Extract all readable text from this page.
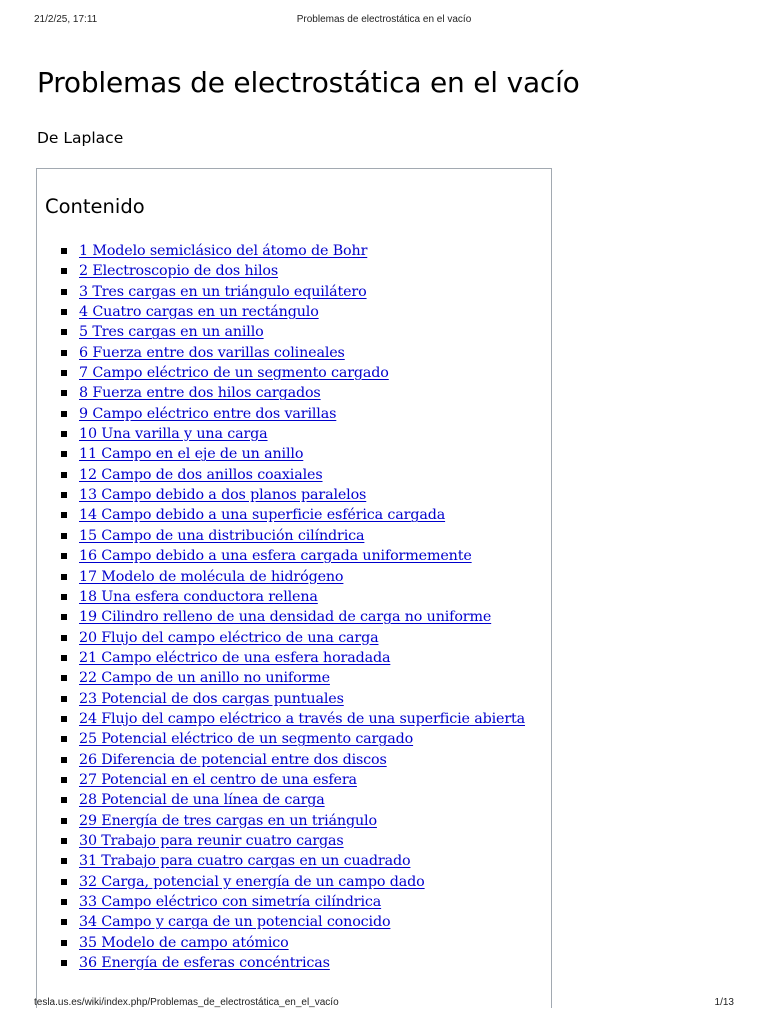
21/2/25, 17:11	Problemas de electrostática en el vacío
Problemas de electrostática en el vacío
De Laplace
Contenido
1 Modelo semiclásico del átomo de Bohr
2 Electroscopio de dos hilos
3 Tres cargas en un triángulo equilátero
4 Cuatro cargas en un rectángulo
5 Tres cargas en un anillo
6 Fuerza entre dos varillas colineales
7 Campo eléctrico de un segmento cargado
8 Fuerza entre dos hilos cargados
9 Campo eléctrico entre dos varillas
10 Una varilla y una carga
11 Campo en el eje de un anillo
12 Campo de dos anillos coaxiales
13 Campo debido a dos planos paralelos
14 Campo debido a una superficie esférica cargada
15 Campo de una distribución cilíndrica
16 Campo debido a una esfera cargada uniformemente
17 Modelo de molécula de hidrógeno
18 Una esfera conductora rellena
19 Cilindro relleno de una densidad de carga no uniforme
20 Flujo del campo eléctrico de una carga
21 Campo eléctrico de una esfera horadada
22 Campo de un anillo no uniforme
23 Potencial de dos cargas puntuales
24 Flujo del campo eléctrico a través de una superficie abierta
25 Potencial eléctrico de un segmento cargado
26 Diferencia de potencial entre dos discos
27 Potencial en el centro de una esfera
28 Potencial de una línea de carga
29 Energía de tres cargas en un triángulo
30 Trabajo para reunir cuatro cargas
31 Trabajo para cuatro cargas en un cuadrado
32 Carga, potencial y energía de un campo dado
33 Campo eléctrico con simetría cilíndrica
34 Campo y carga de un potencial conocido
35 Modelo de campo atómico
36 Energía de esferas concéntricas
tesla.us.es/wiki/index.php/Problemas_de_electrostática_en_el_vacío	1/13
